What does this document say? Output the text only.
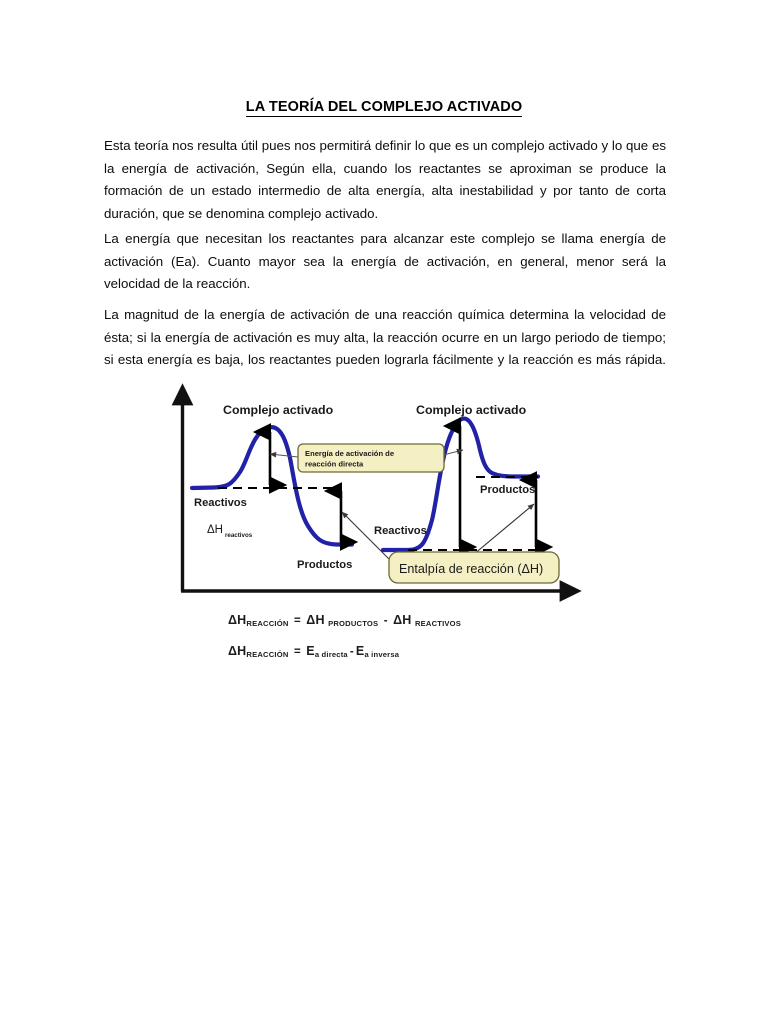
LA TEORÍA DEL COMPLEJO ACTIVADO

Esta teoría nos resulta útil pues nos permitirá definir lo que es un complejo activado y lo que es la energía de activación, Según ella, cuando los reactantes se aproximan se produce la formación de un estado intermedio de alta energía, alta inestabilidad y por tanto de corta duración, que se denomina complejo activado.

La energía que necesitan los reactantes para alcanzar este complejo se llama energía de activación (Ea). Cuanto mayor sea la energía de activación, en general, menor será la velocidad de la reacción.

La magnitud de la energía de activación de una reacción química determina la velocidad de ésta; si la energía de activación es muy alta, la reacción ocurre en un largo periodo de tiempo; si esta energía es baja, los reactantes pueden lograrla fácilmente y la reacción es más rápida.

Energía de activación de
reacción directa
Entalpía de reacción (ΔH)
Complejo activado	Complejo activado
Reactivos
Productos
Reactivos
Productos
ΔH reactivos
ΔHREACCIÓN = ΔH PRODUCTOS - ΔH REACTIVOS
ΔHREACCIÓN = Ea directa - Ea inversa
